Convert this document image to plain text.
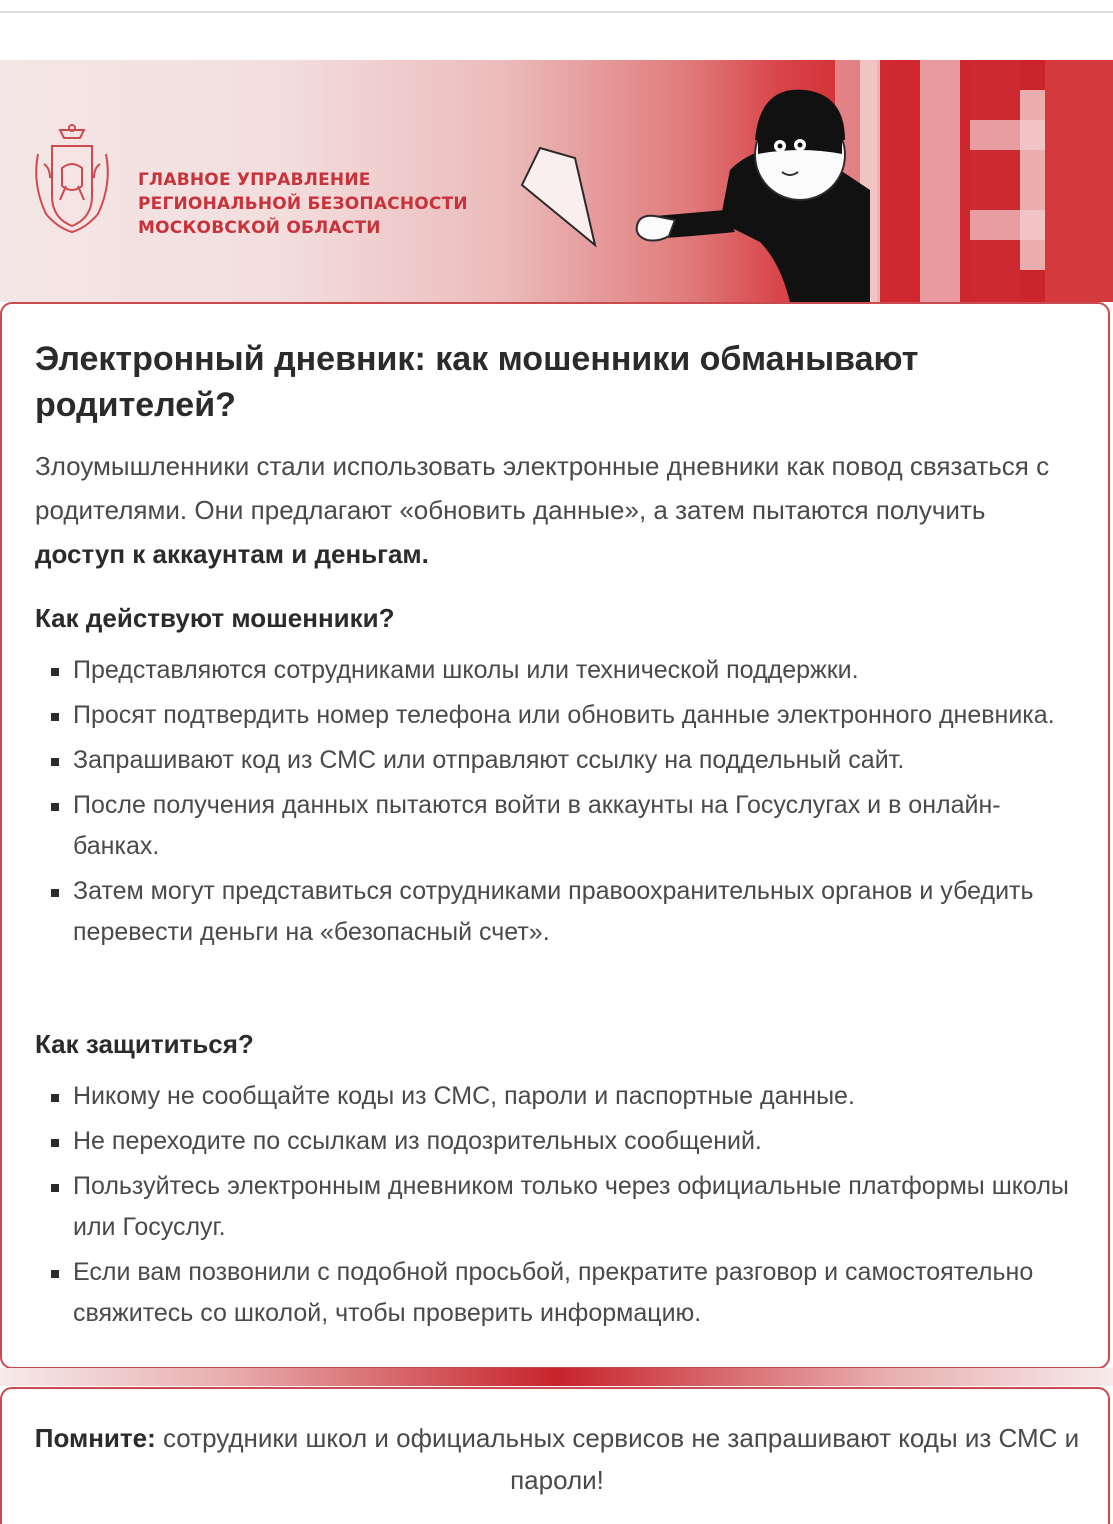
ГЛАВНОЕ УПРАВЛЕНИЕ
РЕГИОНАЛЬНОЙ БЕЗОПАСНОСТИ
МОСКОВСКОЙ ОБЛАСТИ
Электронный дневник: как мошенники обманывают родителей?

Злоумышленники стали использовать электронные дневники как повод связаться с родителями. Они предлагают «обновить данные», а затем пытаются получить доступ к аккаунтам и деньгам.

Как действуют мошенники?
Представляются сотрудниками школы или технической поддержки.
Просят подтвердить номер телефона или обновить данные электронного дневника.
Запрашивают код из СМС или отправляют ссылку на поддельный сайт.
После получения данных пытаются войти в аккаунты на Госуслугах и в онлайн-банках.
Затем могут представиться сотрудниками правоохранительных органов и убедить перевести деньги на «безопасный счет».
Как защититься?
Никому не сообщайте коды из СМС, пароли и паспортные данные.
Не переходите по ссылкам из подозрительных сообщений.
Пользуйтесь электронным дневником только через официальные платформы школы или Госуслуг.
Если вам позвонили с подобной просьбой, прекратите разговор и самостоятельно свяжитесь со школой, чтобы проверить информацию.

Помните: сотрудники школ и официальных сервисов не запрашивают коды из СМС и пароли!
